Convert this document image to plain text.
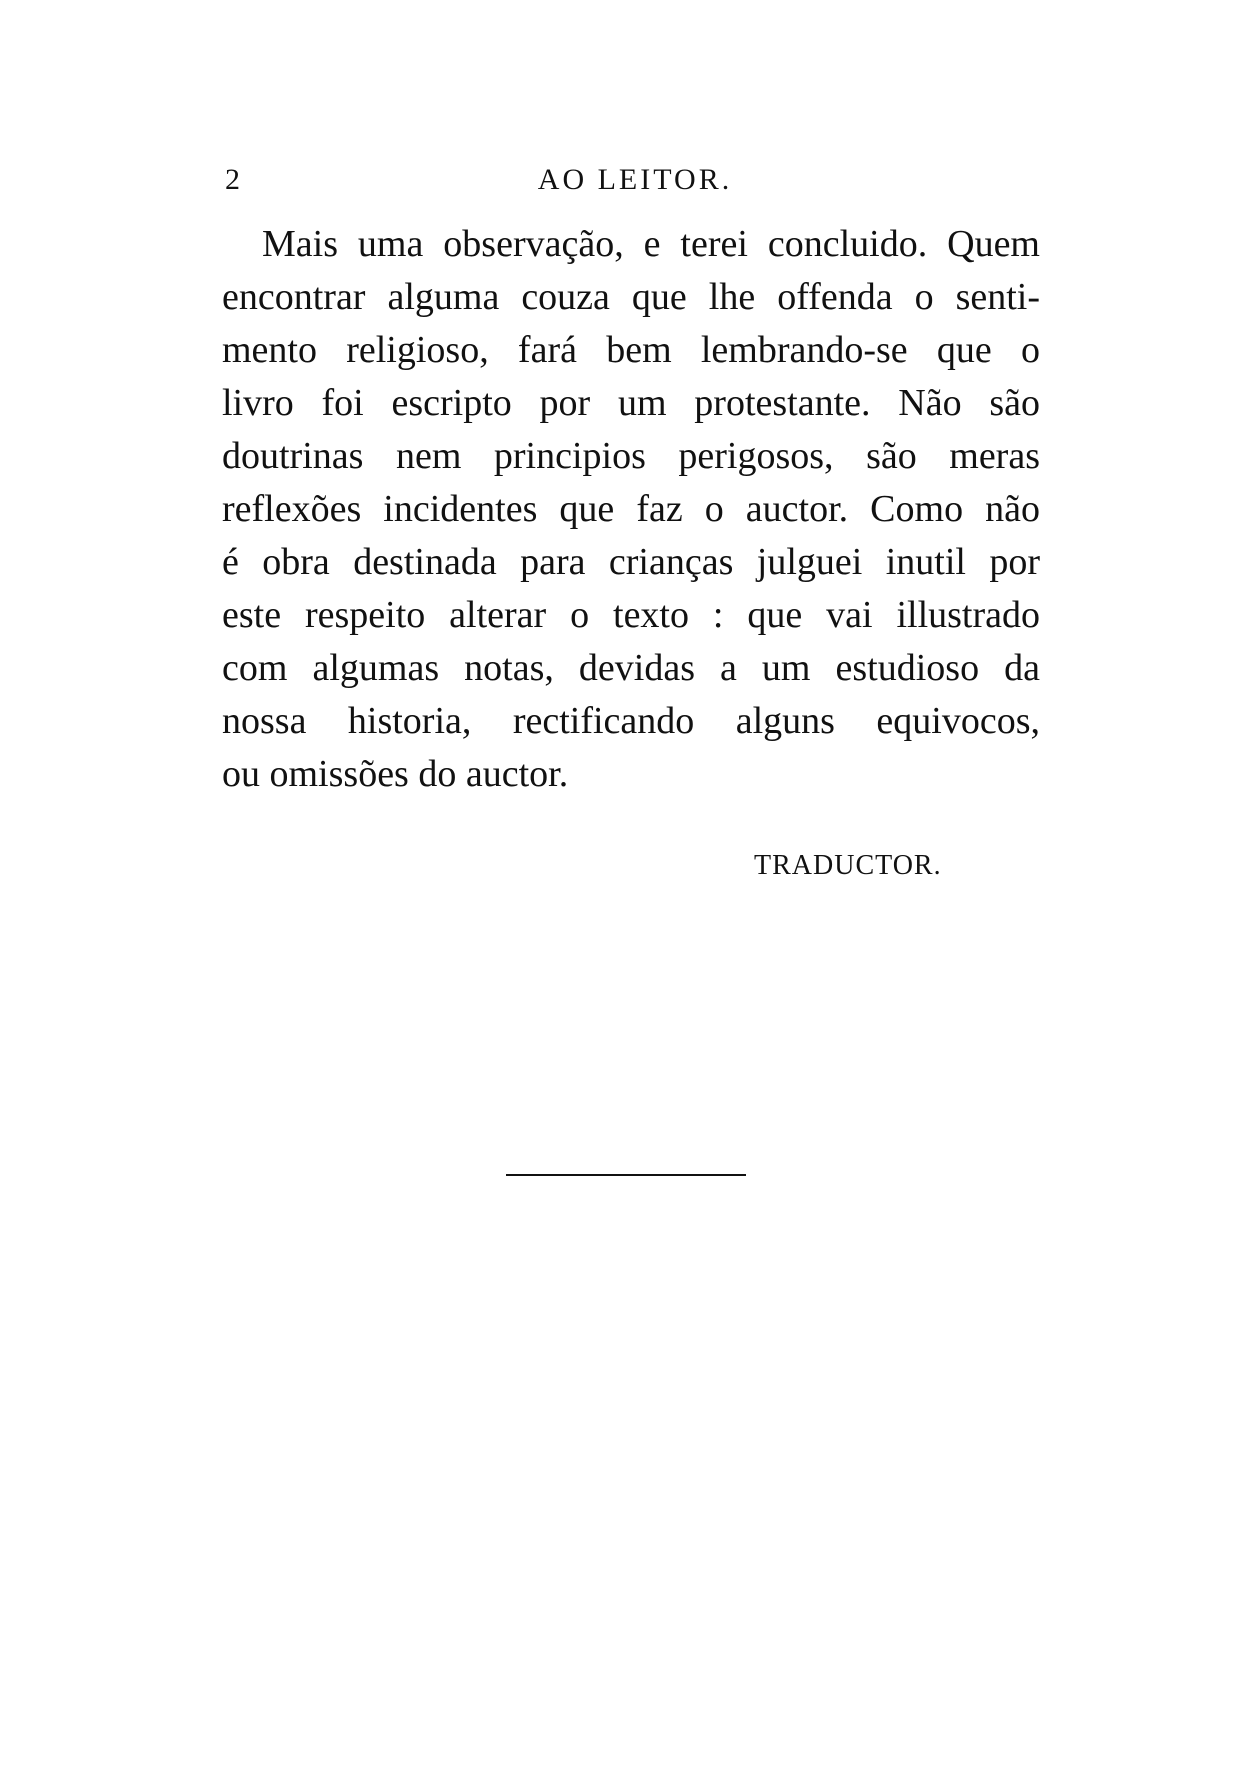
2	AO LEITOR.
Mais uma observação, e terei concluido. Quem
encontrar alguma couza que lhe offenda o senti-
mento religioso, fará bem lembrando-se que o
livro foi escripto por um protestante. Não são
doutrinas nem principios perigosos, são meras
reflexões incidentes que faz o auctor. Como não
é obra destinada para crianças julguei inutil por
este respeito alterar o texto : que vai illustrado
com algumas notas, devidas a um estudioso da
nossa historia, rectificando alguns equivocos,
ou omissões do auctor.
TRADUCTOR.
